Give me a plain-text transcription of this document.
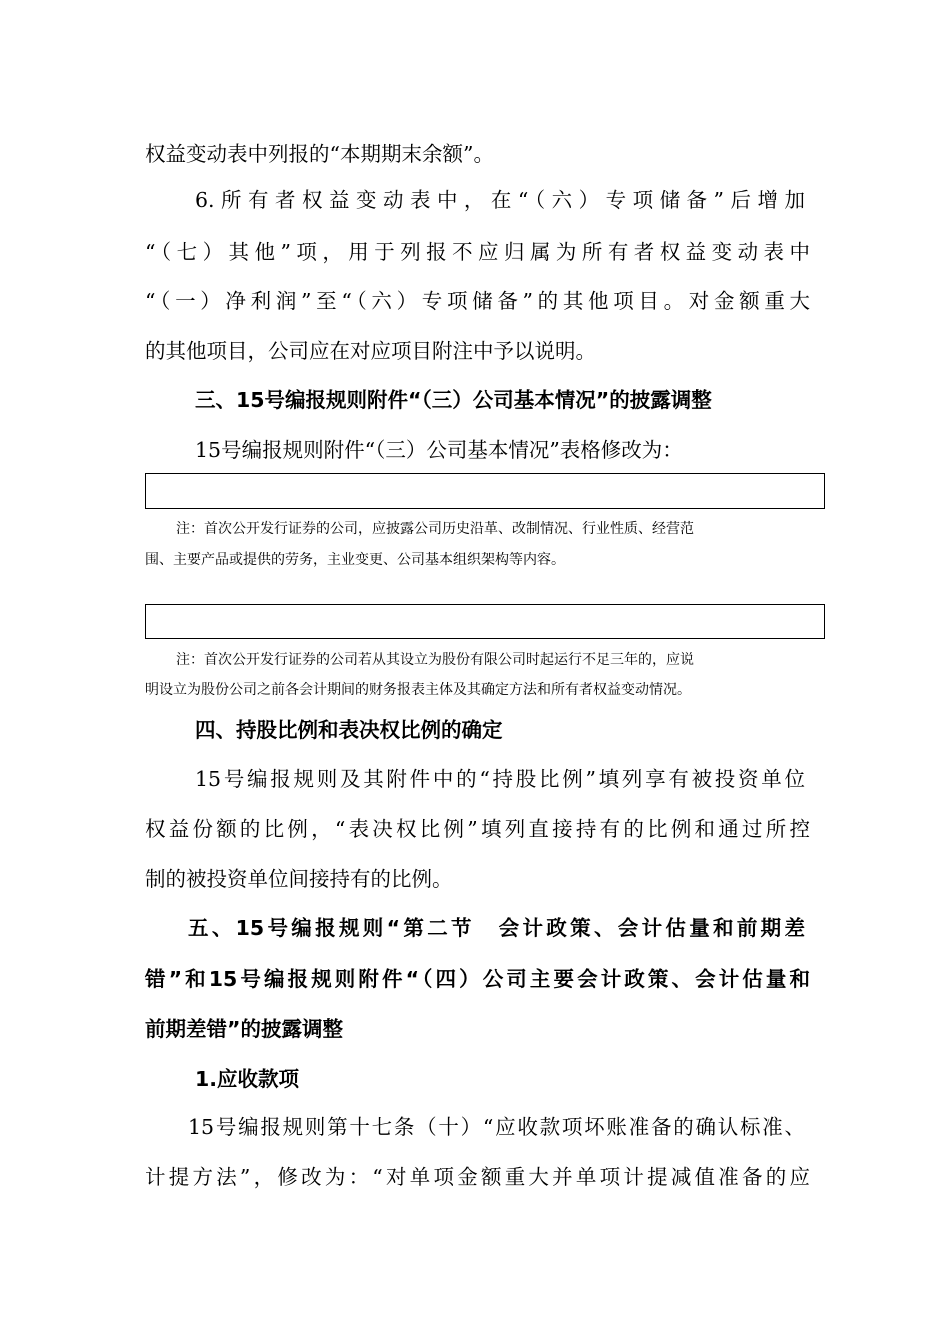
权益变动表中列报的“本期期末余额”。
6.所有者权益变动表中，在“（六）专项储备”后增加
“（七）其他”项，用于列报不应归属为所有者权益变动表中
“（一）净利润”至“（六）专项储备”的其他项目。对金额重大
的其他项目，公司应在对应项目附注中予以说明。
三、15号编报规则附件“（三）公司基本情况”的披露调整
15号编报规则附件“（三）公司基本情况”表格修改为：
注：首次公开发行证券的公司，应披露公司历史沿革、改制情况、行业性质、经营范
围、主要产品或提供的劳务，主业变更、公司基本组织架构等内容。
注：首次公开发行证券的公司若从其设立为股份有限公司时起运行不足三年的，应说
明设立为股份公司之前各会计期间的财务报表主体及其确定方法和所有者权益变动情况。
四、持股比例和表决权比例的确定
15号编报规则及其附件中的“持股比例”填列享有被投资单位
权益份额的比例，“表决权比例”填列直接持有的比例和通过所控
制的被投资单位间接持有的比例。
五、15号编报规则“第二节　会计政策、会计估量和前期差
错”和15号编报规则附件“（四）公司主要会计政策、会计估量和
前期差错”的披露调整
1.应收款项
15号编报规则第十七条（十）“应收款项坏账准备的确认标准、
计提方法”，修改为：“对单项金额重大并单项计提减值准备的应
